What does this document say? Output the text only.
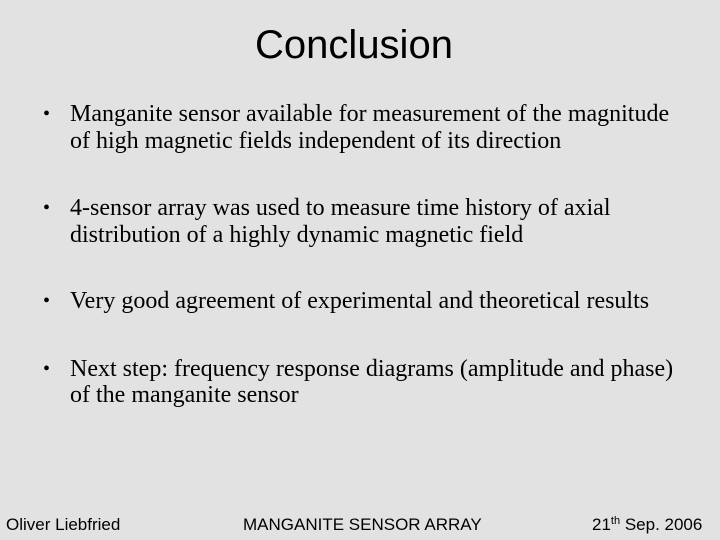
Conclusion
• Manganite sensor available for measurement of the magnitude of high magnetic fields independent of its direction
• 4-sensor array was used to measure time history of axial distribution of a highly dynamic magnetic field
• Very good agreement of experimental and theoretical results
• Next step: frequency response diagrams (amplitude and phase) of the manganite sensor
Oliver Liebfried	MANGANITE SENSOR ARRAY	21th Sep. 2006
